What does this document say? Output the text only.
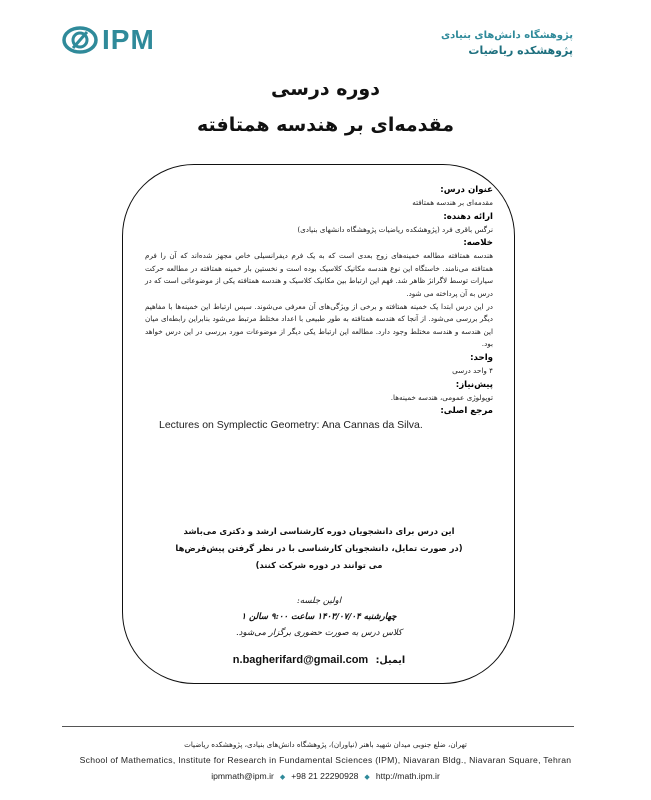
IPM	پژوهشگاه دانش‌های بنیادی
پژوهشکده ریاضیات
دوره درسی
مقدمه‌ای بر هندسه همتافته
عنوان درس:
مقدمه‌ای بر هندسه همتافته
ارائه دهنده:
نرگس باقری فرد (پژوهشکده ریاضیات پژوهشگاه دانشهای بنیادی)
خلاصه:
هندسه همتافته مطالعه خمینه‌های زوج بعدی است که به یک فرم دیفرانسیلی خاص مجهز شده‌اند که آن را فرم همتافته می‌نامند. خاستگاه این نوع هندسه مکانیک کلاسیک بوده است و نخستین بار خمینه همتافته در مطالعه حرکت سیارات توسط لاگرانژ ظاهر شد. فهم این ارتباط بین مکانیک کلاسیک و هندسه همتافته یکی از موضوعاتی است که در درس به آن پرداخته می شود.
در این درس ابتدا یک خمینه همتافته و برخی از ویژگی‌های آن معرفی می‌شوند. سپس ارتباط این خمینه‌ها با مفاهیم دیگر بررسی می‌شود. از آنجا که هندسه همتافته به طور طبیعی با اعداد مختلط مرتبط می‌شود بنابراین رابطه‌ای میان این هندسه و هندسه مختلط وجود دارد. مطالعه این ارتباط یکی دیگر از موضوعات مورد بررسی در این درس خواهد بود.
واحد:
۴ واحد درسی
پیش‌نیاز:
توپولوژی عمومی، هندسه خمینه‌ها.
مرجع اصلی:
Lectures on Symplectic Geometry: Ana Cannas da Silva.
این درس برای دانشجویان دوره کارشناسی ارشد و دکتری می‌باشد
(در صورت تمایل، دانشجویان کارشناسی با در نظر گرفتن پیش‌فرض‌ها
می توانند در دوره شرکت کنند)
اولین جلسه:
چهارشنبه ۱۴۰۳/۰۷/۰۴ ساعت ۹:۰۰ سالن ۱
کلاس درس به صورت حضوری برگزار می‌شود.
n.bagherifard@gmail.com ایمیل:
تهران، ضلع جنوبی میدان شهید باهنر (نیاوران)، پژوهشگاه دانش‌های بنیادی، پژوهشکده ریاضیات
School of Mathematics, Institute for Research in Fundamental Sciences (IPM), Niavaran Bldg., Niavaran Square, Tehran
ipmmath@ipm.ir ◆ +98 21 22290928 ◆ http://math.ipm.ir
